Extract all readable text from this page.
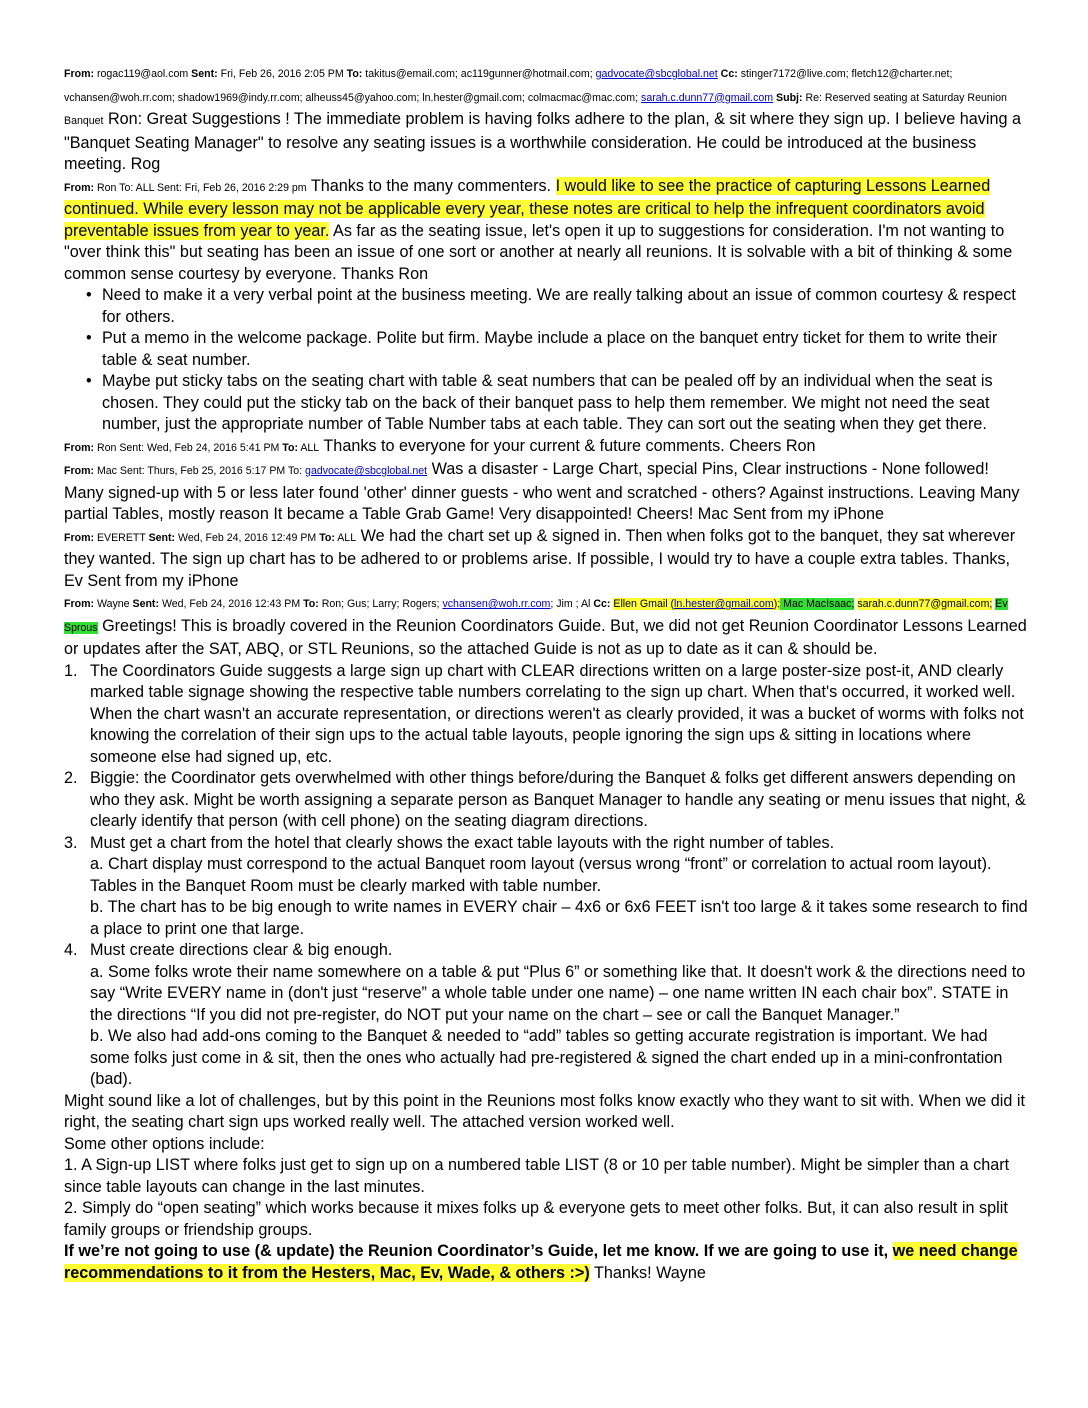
From: rogac119@aol.com Sent: Fri, Feb 26, 2016 2:05 PM To: takitus@email.com; ac119gunner@hotmail.com; gadvocate@sbcglobal.net Cc: stinger7172@live.com; fletch12@charter.net; vchansen@woh.rr.com; shadow1969@indy.rr.com; alheuss45@yahoo.com; ln.hester@gmail.com; colmacmac@mac.com; sarah.c.dunn77@gmail.com Subj: Re: Reserved seating at Saturday Reunion Banquet Ron: Great Suggestions ! The immediate problem is having folks adhere to the plan, & sit where they sign up. I believe having a "Banquet Seating Manager" to resolve any seating issues is a worthwhile consideration. He could be introduced at the business meeting. Rog
From: Ron To: ALL Sent: Fri, Feb 26, 2016 2:29 pm Thanks to the many commenters. I would like to see the practice of capturing Lessons Learned continued. While every lesson may not be applicable every year, these notes are critical to help the infrequent coordinators avoid preventable issues from year to year. As far as the seating issue, let's open it up to suggestions for consideration. I'm not wanting to "over think this" but seating has been an issue of one sort or another at nearly all reunions. It is solvable with a bit of thinking & some common sense courtesy by everyone. Thanks Ron
• Need to make it a very verbal point at the business meeting. We are really talking about an issue of common courtesy & respect for others.
• Put a memo in the welcome package. Polite but firm. Maybe include a place on the banquet entry ticket for them to write their table & seat number.
• Maybe put sticky tabs on the seating chart with table & seat numbers that can be pealed off by an individual when the seat is chosen. They could put the sticky tab on the back of their banquet pass to help them remember. We might not need the seat number, just the appropriate number of Table Number tabs at each table. They can sort out the seating when they get there.
From: Ron Sent: Wed, Feb 24, 2016 5:41 PM To: ALL Thanks to everyone for your current & future comments. Cheers Ron
From: Mac Sent: Thurs, Feb 25, 2016 5:17 PM To: gadvocate@sbcglobal.net Was a disaster - Large Chart, special Pins, Clear instructions - None followed! Many signed-up with 5 or less later found 'other' dinner guests - who went and scratched - others? Against instructions. Leaving Many partial Tables, mostly reason It became a Table Grab Game! Very disappointed! Cheers! Mac Sent from my iPhone
From: EVERETT Sent: Wed, Feb 24, 2016 12:49 PM To: ALL We had the chart set up & signed in. Then when folks got to the banquet, they sat wherever they wanted. The sign up chart has to be adhered to or problems arise. If possible, I would try to have a couple extra tables. Thanks, Ev Sent from my iPhone
From: Wayne Sent: Wed, Feb 24, 2016 12:43 PM To: Ron; Gus; Larry; Rogers; vchansen@woh.rr.com; Jim ; Al Cc: Ellen Gmail (ln.hester@gmail.com); Mac MacIsaac; sarah.c.dunn77@gmail.com; Ev Sprous Greetings! This is broadly covered in the Reunion Coordinators Guide. But, we did not get Reunion Coordinator Lessons Learned or updates after the SAT, ABQ, or STL Reunions, so the attached Guide is not as up to date as it can & should be.
1. The Coordinators Guide suggests a large sign up chart with CLEAR directions written on a large poster-size post-it, AND clearly marked table signage showing the respective table numbers correlating to the sign up chart. When that's occurred, it worked well. When the chart wasn't an accurate representation, or directions weren't as clearly provided, it was a bucket of worms with folks not knowing the correlation of their sign ups to the actual table layouts, people ignoring the sign ups & sitting in locations where someone else had signed up, etc.
2. Biggie: the Coordinator gets overwhelmed with other things before/during the Banquet & folks get different answers depending on who they ask. Might be worth assigning a separate person as Banquet Manager to handle any seating or menu issues that night, & clearly identify that person (with cell phone) on the seating diagram directions.
3. Must get a chart from the hotel that clearly shows the exact table layouts with the right number of tables.
a. Chart display must correspond to the actual Banquet room layout (versus wrong “front” or correlation to actual room layout). Tables in the Banquet Room must be clearly marked with table number.
b. The chart has to be big enough to write names in EVERY chair – 4x6 or 6x6 FEET isn't too large & it takes some research to find a place to print one that large.
4. Must create directions clear & big enough.
a. Some folks wrote their name somewhere on a table & put “Plus 6” or something like that. It doesn't work & the directions need to say “Write EVERY name in (don't just “reserve” a whole table under one name) – one name written IN each chair box”. STATE in the directions “If you did not pre-register, do NOT put your name on the chart – see or call the Banquet Manager.”
b. We also had add-ons coming to the Banquet & needed to “add” tables so getting accurate registration is important. We had some folks just come in & sit, then the ones who actually had pre-registered & signed the chart ended up in a mini-confrontation (bad).
Might sound like a lot of challenges, but by this point in the Reunions most folks know exactly who they want to sit with. When we did it right, the seating chart sign ups worked really well. The attached version worked well.
Some other options include:
1. A Sign-up LIST where folks just get to sign up on a numbered table LIST (8 or 10 per table number). Might be simpler than a chart since table layouts can change in the last minutes.
2. Simply do “open seating” which works because it mixes folks up & everyone gets to meet other folks. But, it can also result in split family groups or friendship groups.
If we’re not going to use (& update) the Reunion Coordinator’s Guide, let me know. If we are going to use it, we need change recommendations to it from the Hesters, Mac, Ev, Wade, & others :>) Thanks! Wayne
